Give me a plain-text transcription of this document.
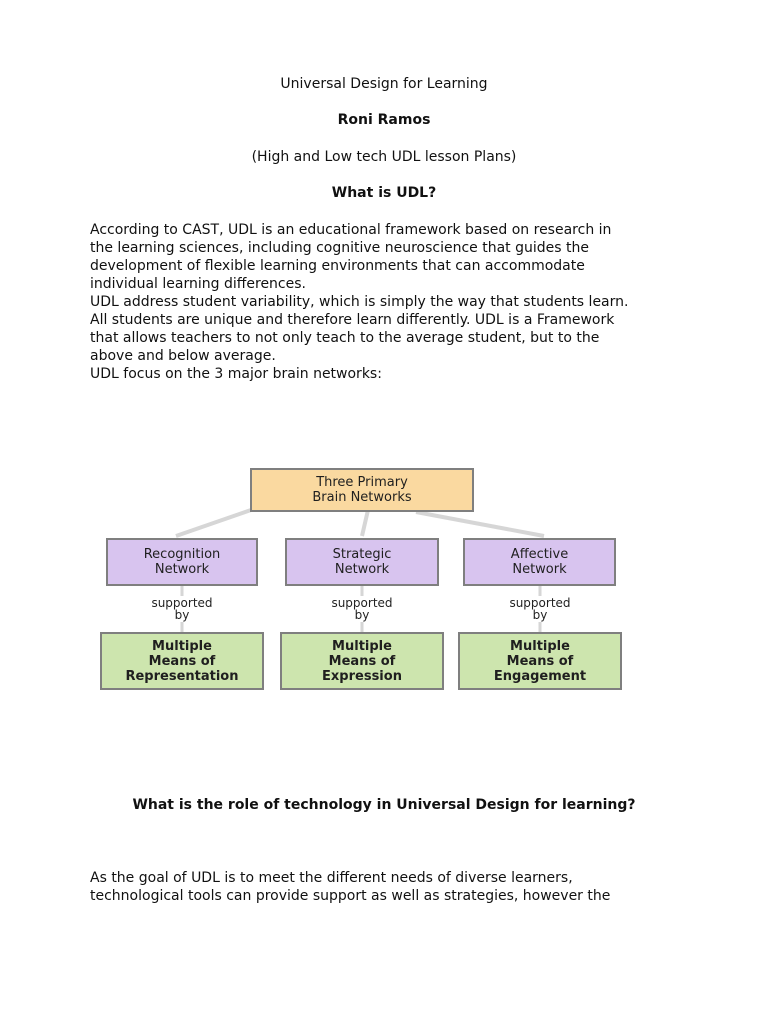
Universal Design for Learning
Roni Ramos
(High and Low tech UDL lesson Plans)
What is UDL?
According to CAST, UDL is an educational framework based on research in
the learning sciences, including cognitive neuroscience that guides the
development of flexible learning environments that can accommodate
individual learning differences.
UDL address student variability, which is simply the way that students learn.
All students are unique and therefore learn differently. UDL is a Framework
that allows teachers to not only teach to the average student, but to the
above and below average.
UDL focus on the 3 major brain networks:
Three Primary
Brain Networks
Recognition
Network
Strategic
Network
Affective
Network
supported
by
supported
by
supported
by
Multiple
Means of
Representation
Multiple
Means of
Expression
Multiple
Means of
Engagement
What is the role of technology in Universal Design for learning?
As the goal of UDL is to meet the different needs of diverse learners,
technological tools can provide support as well as strategies, however the
